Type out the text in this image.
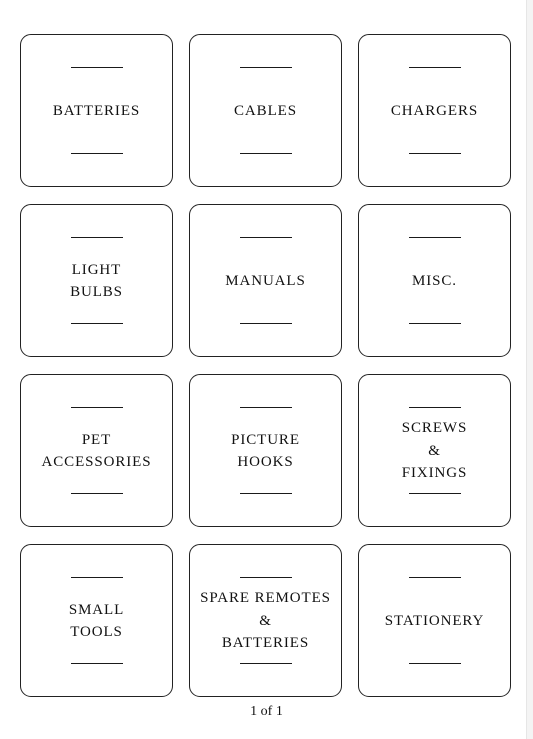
BATTERIES	CABLES	CHARGERS
LIGHT
BULBS
MANUALS	MISC.
PET
ACCESSORIES
PICTURE
HOOKS
SCREWS
&
FIXINGS
SMALL
TOOLS
SPARE REMOTES
&
BATTERIES
STATIONERY
1 of 1
